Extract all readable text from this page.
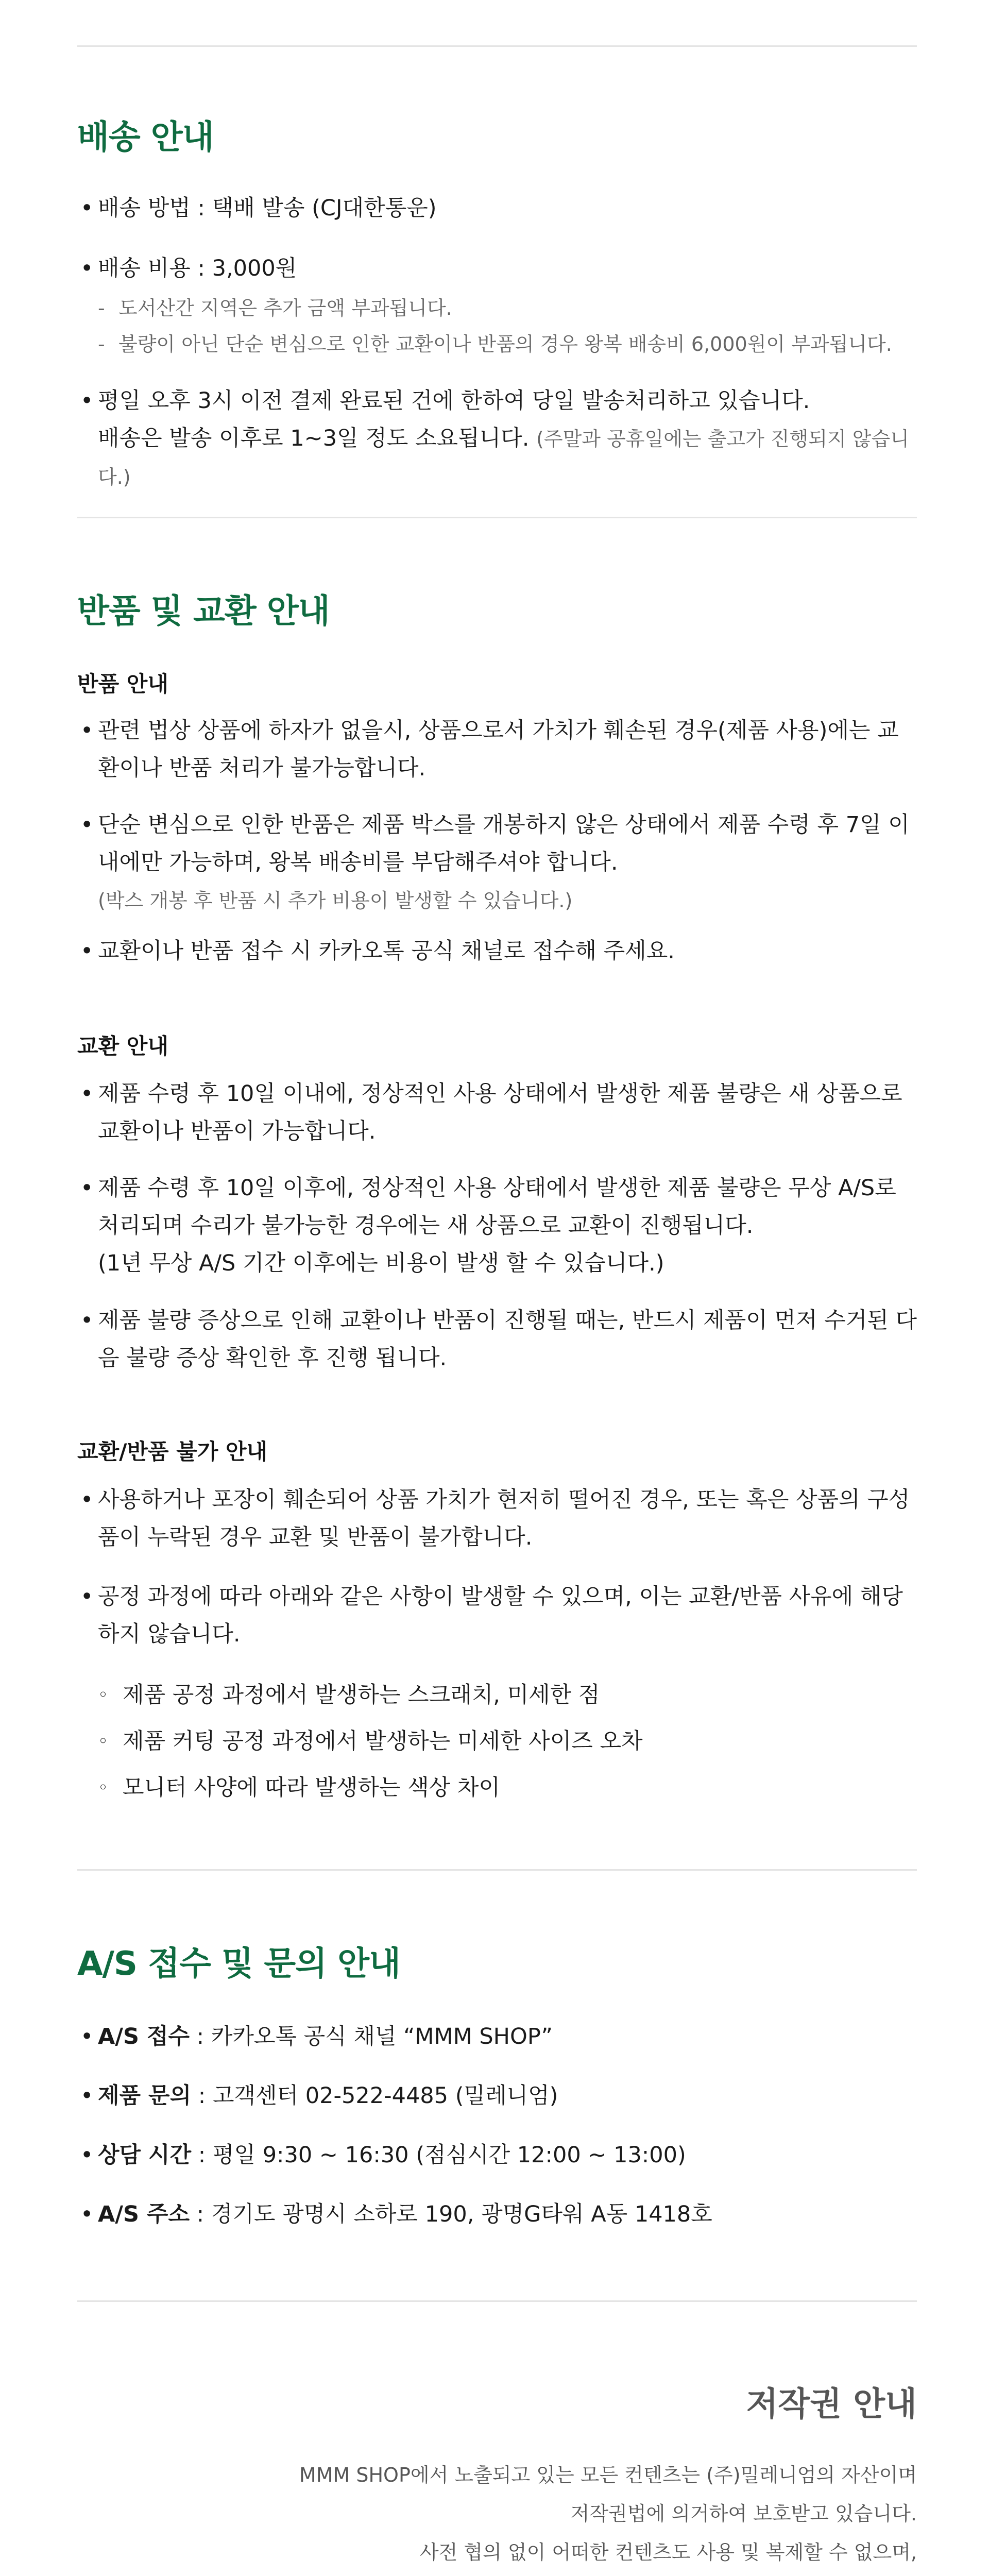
배송 안내
• 배송 방법 : 택배 발송 (CJ대한통운)
• 배송 비용 : 3,000원
- 도서산간 지역은 추가 금액 부과됩니다.
- 불량이 아닌 단순 변심으로 인한 교환이나 반품의 경우 왕복 배송비 6,000원이 부과됩니다.
• 평일 오후 3시 이전 결제 완료된 건에 한하여 당일 발송처리하고 있습니다.
배송은 발송 이후로 1~3일 정도 소요됩니다. (주말과 공휴일에는 출고가 진행되지 않습니다.)
반품 및 교환 안내
반품 안내
• 관련 법상 상품에 하자가 없을시, 상품으로서 가치가 훼손된 경우(제품 사용)에는 교환이나 반품 처리가 불가능합니다.
• 단순 변심으로 인한 반품은 제품 박스를 개봉하지 않은 상태에서 제품 수령 후 7일 이내에만 가능하며, 왕복 배송비를 부담해주셔야 합니다.
(박스 개봉 후 반품 시 추가 비용이 발생할 수 있습니다.)
• 교환이나 반품 접수 시 카카오톡 공식 채널로 접수해 주세요.
교환 안내
• 제품 수령 후 10일 이내에, 정상적인 사용 상태에서 발생한 제품 불량은 새 상품으로 교환이나 반품이 가능합니다.
• 제품 수령 후 10일 이후에, 정상적인 사용 상태에서 발생한 제품 불량은 무상 A/S로 처리되며 수리가 불가능한 경우에는 새 상품으로 교환이 진행됩니다.
(1년 무상 A/S 기간 이후에는 비용이 발생 할 수 있습니다.)
• 제품 불량 증상으로 인해 교환이나 반품이 진행될 때는, 반드시 제품이 먼저 수거된 다음 불량 증상 확인한 후 진행 됩니다.
교환/반품 불가 안내
• 사용하거나 포장이 훼손되어 상품 가치가 현저히 떨어진 경우, 또는 혹은 상품의 구성품이 누락된 경우 교환 및 반품이 불가합니다.
• 공정 과정에 따라 아래와 같은 사항이 발생할 수 있으며, 이는 교환/반품 사유에 해당하지 않습니다.
◦ 제품 공정 과정에서 발생하는 스크래치, 미세한 점
◦ 제품 커팅 공정 과정에서 발생하는 미세한 사이즈 오차
◦ 모니터 사양에 따라 발생하는 색상 차이
A/S 접수 및 문의 안내
• A/S 접수 : 카카오톡 공식 채널 “MMM SHOP”
• 제품 문의 : 고객센터 02-522-4485 (밀레니엄)
• 상담 시간 : 평일 9:30 ~ 16:30 (점심시간 12:00 ~ 13:00)
• A/S 주소 : 경기도 광명시 소하로 190, 광명G타워 A동 1418호
저작권 안내
MMM SHOP에서 노출되고 있는 모든 컨텐츠는 (주)밀레니엄의 자산이며
저작권법에 의거하여 보호받고 있습니다.
사전 협의 없이 어떠한 컨텐츠도 사용 및 복제할 수 없으며,
